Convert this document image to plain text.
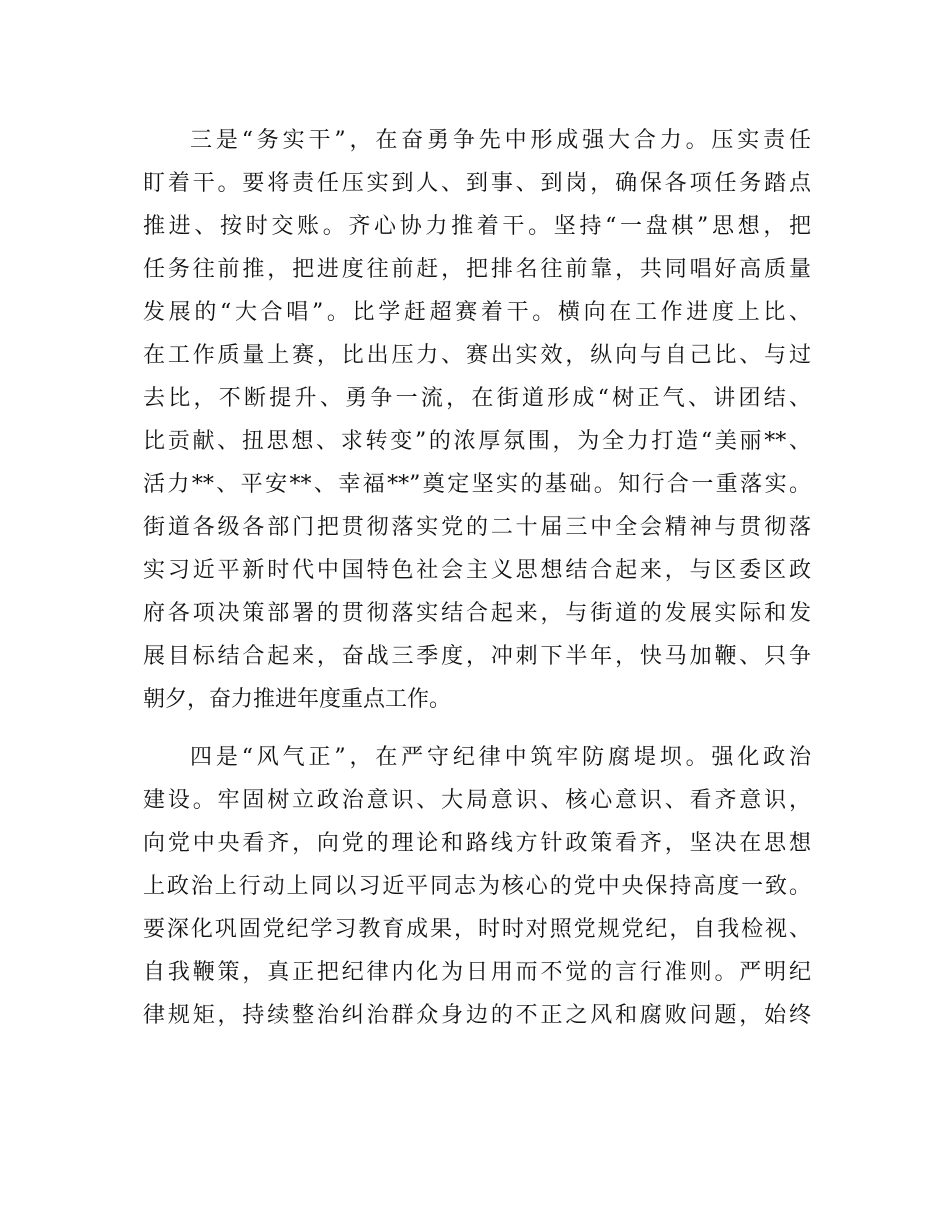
三是“务实干”，在奋勇争先中形成强大合力。压实责任
盯着干。要将责任压实到人、到事、到岗，确保各项任务踏点
推进、按时交账。齐心协力推着干。坚持“一盘棋”思想，把
任务往前推，把进度往前赶，把排名往前靠，共同唱好高质量
发展的“大合唱”。比学赶超赛着干。横向在工作进度上比、
在工作质量上赛，比出压力、赛出实效，纵向与自己比、与过
去比，不断提升、勇争一流，在街道形成“树正气、讲团结、
比贡献、扭思想、求转变”的浓厚氛围，为全力打造“美丽**、
活力**、平安**、幸福**”奠定坚实的基础。知行合一重落实。
街道各级各部门把贯彻落实党的二十届三中全会精神与贯彻落
实习近平新时代中国特色社会主义思想结合起来，与区委区政
府各项决策部署的贯彻落实结合起来，与街道的发展实际和发
展目标结合起来，奋战三季度，冲刺下半年，快马加鞭、只争
朝夕，奋力推进年度重点工作。
四是“风气正”，在严守纪律中筑牢防腐堤坝。强化政治
建设。牢固树立政治意识、大局意识、核心意识、看齐意识，
向党中央看齐，向党的理论和路线方针政策看齐，坚决在思想
上政治上行动上同以习近平同志为核心的党中央保持高度一致。
要深化巩固党纪学习教育成果，时时对照党规党纪，自我检视、
自我鞭策，真正把纪律内化为日用而不觉的言行准则。严明纪
律规矩，持续整治纠治群众身边的不正之风和腐败问题，始终
